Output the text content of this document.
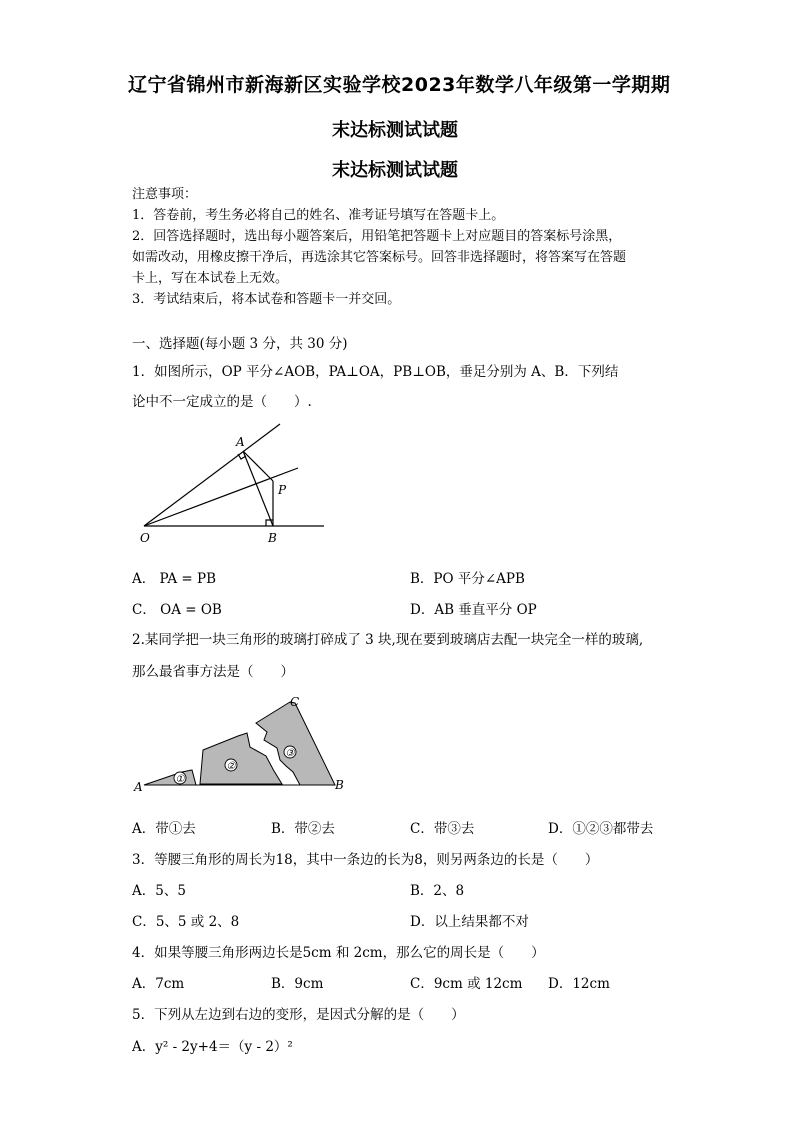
辽宁省锦州市新海新区实验学校2023年数学八年级第一学期期
末达标测试试题
末达标测试试题
注意事项：
1．答卷前，考生务必将自己的姓名、准考证号填写在答题卡上。
2．回答选择题时，选出每小题答案后，用铅笔把答题卡上对应题目的答案标号涂黑，
如需改动，用橡皮擦干净后，再选涂其它答案标号。回答非选择题时，将答案写在答题
卡上，写在本试卷上无效。
3．考试结束后，将本试卷和答题卡一并交回。
一、选择题(每小题 3 分，共 30 分)
1．如图所示，OP 平分∠AOB，PA⊥OA，PB⊥OB，垂足分别为 A、B．下列结
论中不一定成立的是（　　）.
A
P
O	B
A． PA = PB	B．PO 平分∠APB
C． OA = OB	D．AB 垂直平分 OP
2.某同学把一块三角形的玻璃打碎成了 3 块,现在要到玻璃店去配一块完全一样的玻璃,
那么最省事方法是（　　）
①
②
③
A	B
C
A．带①去	B．带②去	C．带③去	D．①②③都带去
3．等腰三角形的周长为18，其中一条边的长为8，则另两条边的长是（　　）
A．5、5	B．2、8
C．5、5 或 2、8	D．以上结果都不对
4．如果等腰三角形两边长是5cm 和 2cm，那么它的周长是（　　）
A．7cm	B．9cm	C．9cm 或 12cm D．12cm
5．下列从左边到右边的变形，是因式分解的是（　　）
A．y² - 2y+4＝（y - 2）²
